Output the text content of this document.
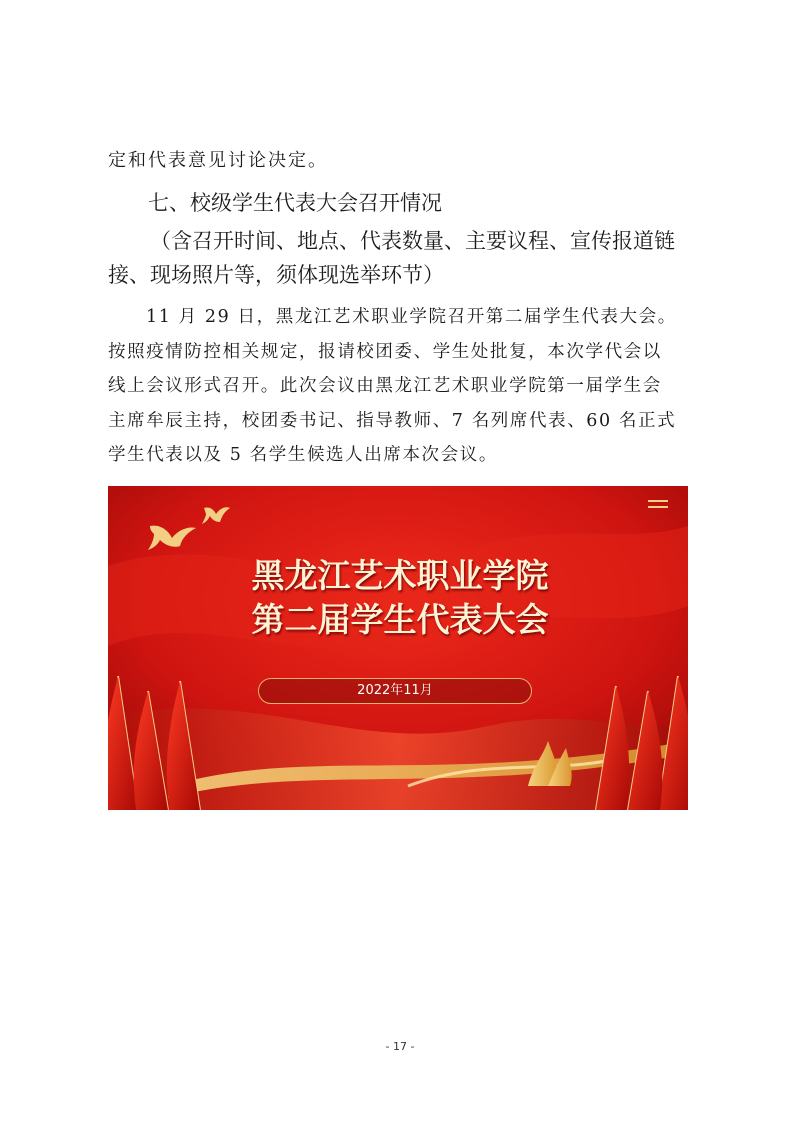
定和代表意见讨论决定。
七、校级学生代表大会召开情况
（含召开时间、地点、代表数量、主要议程、宣传报道链
接、现场照片等，须体现选举环节）
11 月 29 日，黑龙江艺术职业学院召开第二届学生代表大会。
按照疫情防控相关规定，报请校团委、学生处批复，本次学代会以
线上会议形式召开。此次会议由黑龙江艺术职业学院第一届学生会
主席牟辰主持，校团委书记、指导教师、7 名列席代表、60 名正式
学生代表以及 5 名学生候选人出席本次会议。
黑龙江艺术职业学院
第二届学生代表大会
2022年11月
- 17 -
